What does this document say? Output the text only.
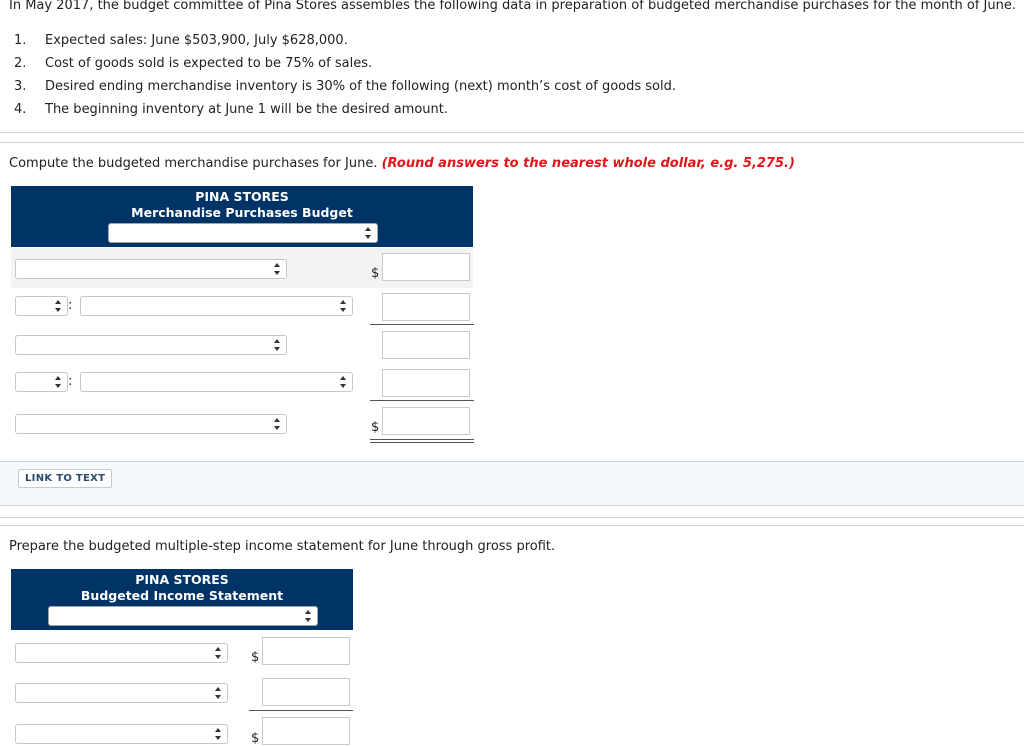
In May 2017, the budget committee of Pina Stores assembles the following data in preparation of budgeted merchandise purchases for the month of June.
1. Expected sales: June $503,900, July $628,000.
2. Cost of goods sold is expected to be 75% of sales.
3. Desired ending merchandise inventory is 30% of the following (next) month’s cost of goods sold.
4. The beginning inventory at June 1 will be the desired amount.
Compute the budgeted merchandise purchases for June. (Round answers to the nearest whole dollar, e.g. 5,275.)
PINA STORES
Merchandise Purchases Budget
$
:
:
$
LINK TO TEXT
Prepare the budgeted multiple-step income statement for June through gross profit.
PINA STORES
Budgeted Income Statement
$
$
